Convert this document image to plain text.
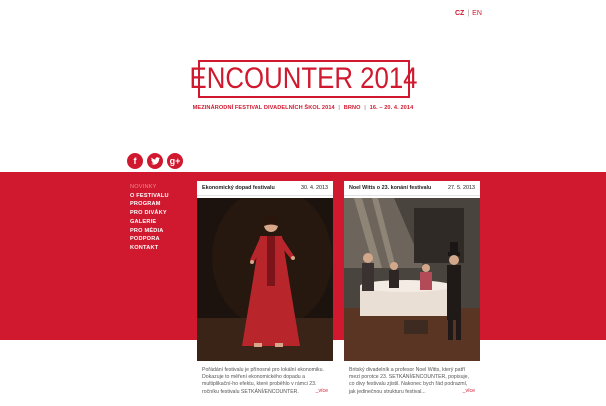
CZ | EN
ENCOUNTER 2014
MEZINÁRODNÍ FESTIVAL DIVADELNÍCH ŠKOL 2014 | BRNO | 16. – 20. 4. 2014
f	g+
NOVINKY
O FESTIVALU
PROGRAM
PRO DIVÁKY
GALERIE
PRO MÉDIA
PODPORA
KONTAKT
Ekonomický dopad festivalu	30. 4. 2013
Pořádání festivalu je přínosné pro lokální ekonomiku. Dokazuje to měření ekonomického dopadu a multiplikační-ho efektu, které proběhlo v rámci 23. ročníku festivalu SETKÁNÍ/ENCOUNTER.	_více
Noel Witts o 23. konání festivalu	27. 5. 2013
Britský divadelník a profesor Noel Witts, který patří mezi porotce 23. SETKÁNÍ/ENCOUNTER, popisuje, co divy festivalu zjistil. Nakonec bych řád podrazml, jak jedinečnou strukturu festival...	_více
